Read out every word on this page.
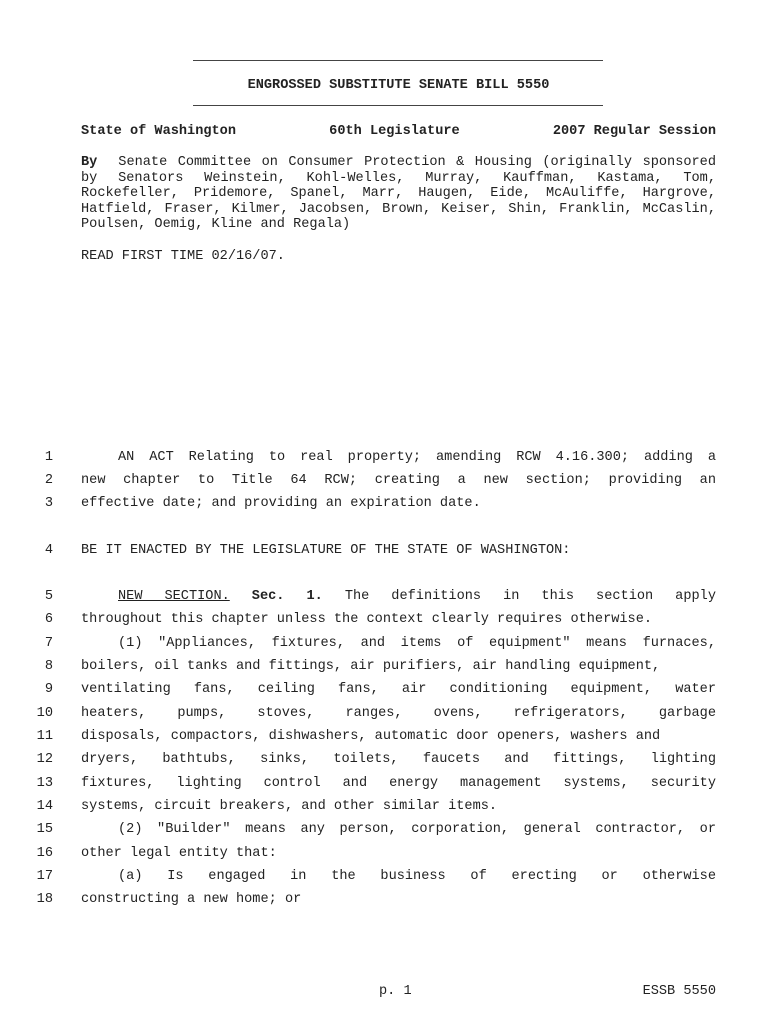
ENGROSSED SUBSTITUTE SENATE BILL 5550
State of Washington	60th Legislature	2007 Regular Session
By Senate Committee on Consumer Protection & Housing (originally sponsored by Senators Weinstein, Kohl-Welles, Murray, Kauffman, Kastama, Tom, Rockefeller, Pridemore, Spanel, Marr, Haugen, Eide, McAuliffe, Hargrove, Hatfield, Fraser, Kilmer, Jacobsen, Brown, Keiser, Shin, Franklin, McCaslin, Poulsen, Oemig, Kline and Regala)
READ FIRST TIME 02/16/07.
1	AN ACT Relating to real property; amending RCW 4.16.300; adding a
2 new chapter to Title 64 RCW; creating a new section; providing an
3 effective date; and providing an expiration date.
4 BE IT ENACTED BY THE LEGISLATURE OF THE STATE OF WASHINGTON:
5	NEW SECTION. Sec. 1. The definitions in this section apply
6 throughout this chapter unless the context clearly requires otherwise.
7	(1) "Appliances, fixtures, and items of equipment" means furnaces,
8 boilers, oil tanks and fittings, air purifiers, air handling equipment,
9 ventilating fans, ceiling fans, air conditioning equipment, water
10 heaters, pumps, stoves, ranges, ovens, refrigerators, garbage
11 disposals, compactors, dishwashers, automatic door openers, washers and
12 dryers, bathtubs, sinks, toilets, faucets and fittings, lighting
13 fixtures, lighting control and energy management systems, security
14 systems, circuit breakers, and other similar items.
15	(2) "Builder" means any person, corporation, general contractor, or
16 other legal entity that:
17	(a) Is engaged in the business of erecting or otherwise
18 constructing a new home; or
p. 1	ESSB 5550
